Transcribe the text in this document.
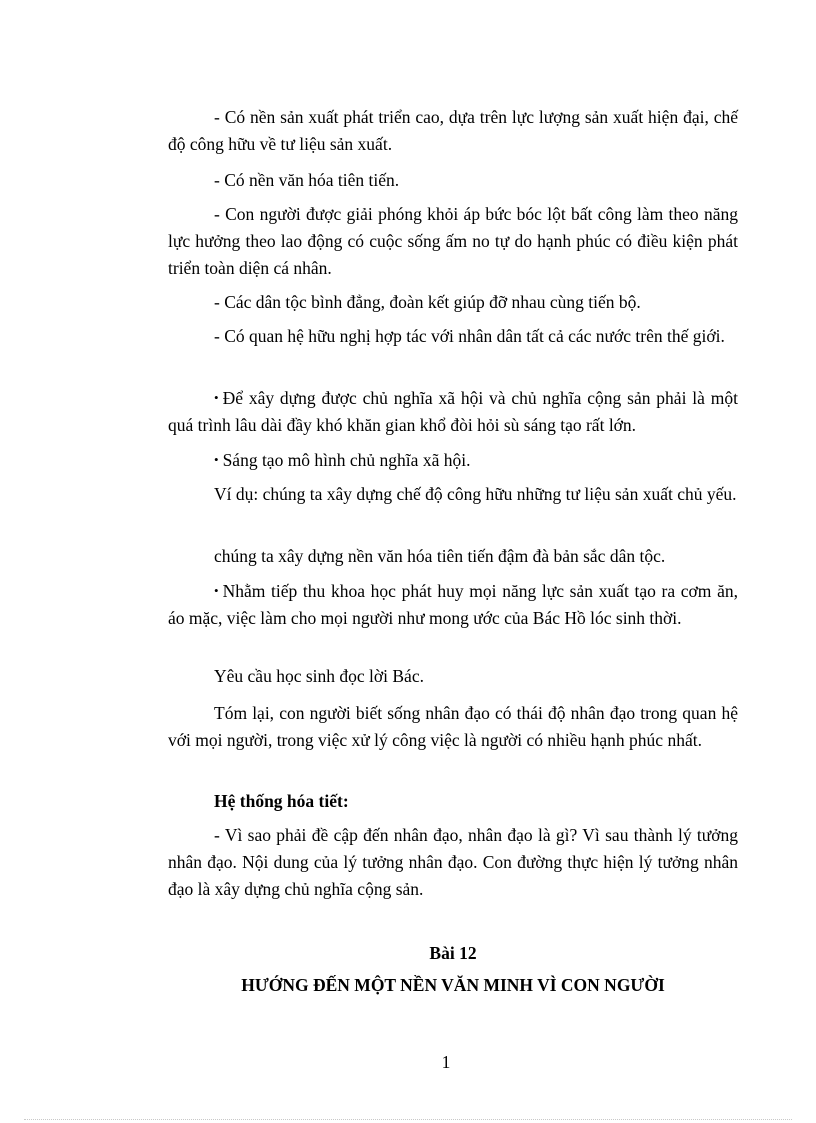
- Có nền sản xuất phát triển cao, dựa trên lực lượng sản xuất hiện đại, chế độ công hữu về tư liệu sản xuất.

- Có nền văn hóa tiên tiến.

- Con người được giải phóng khỏi áp bức bóc lột bất công làm theo năng lực hưởng theo lao động có cuộc sống ấm no tự do hạnh phúc có điều kiện phát triển toàn diện cá nhân.

- Các dân tộc bình đẳng, đoàn kết giúp đỡ nhau cùng tiến bộ.

- Có quan hệ hữu nghị hợp tác với nhân dân tất cả các nước trên thế giới.

• Để xây dựng được chủ nghĩa xã hội và chủ nghĩa cộng sản phải là một quá trình lâu dài đầy khó khăn gian khổ đòi hỏi sù sáng tạo rất lớn.

• Sáng tạo mô hình chủ nghĩa xã hội.

Ví dụ: chúng ta xây dựng chế độ công hữu những tư liệu sản xuất chủ yếu.

chúng ta xây dựng nền văn hóa tiên tiến đậm đà bản sắc dân tộc.

• Nhằm tiếp thu khoa học phát huy mọi năng lực sản xuất tạo ra cơm ăn, áo mặc, việc làm cho mọi người như mong ước của Bác Hồ lóc sinh thời.

Yêu cầu học sinh đọc lời Bác.

Tóm lại, con người biết sống nhân đạo có thái độ nhân đạo trong quan hệ với mọi người, trong việc xử lý công việc là người có nhiều hạnh phúc nhất.

Hệ thống hóa tiết:

- Vì sao phải đề cập đến nhân đạo, nhân đạo là gì? Vì sau thành lý tưởng nhân đạo. Nội dung của lý tưởng nhân đạo. Con đường thực hiện lý tưởng nhân đạo là xây dựng chủ nghĩa cộng sản.

Bài 12

HƯỚNG ĐẾN MỘT NỀN VĂN MINH VÌ CON NGƯỜI

1
